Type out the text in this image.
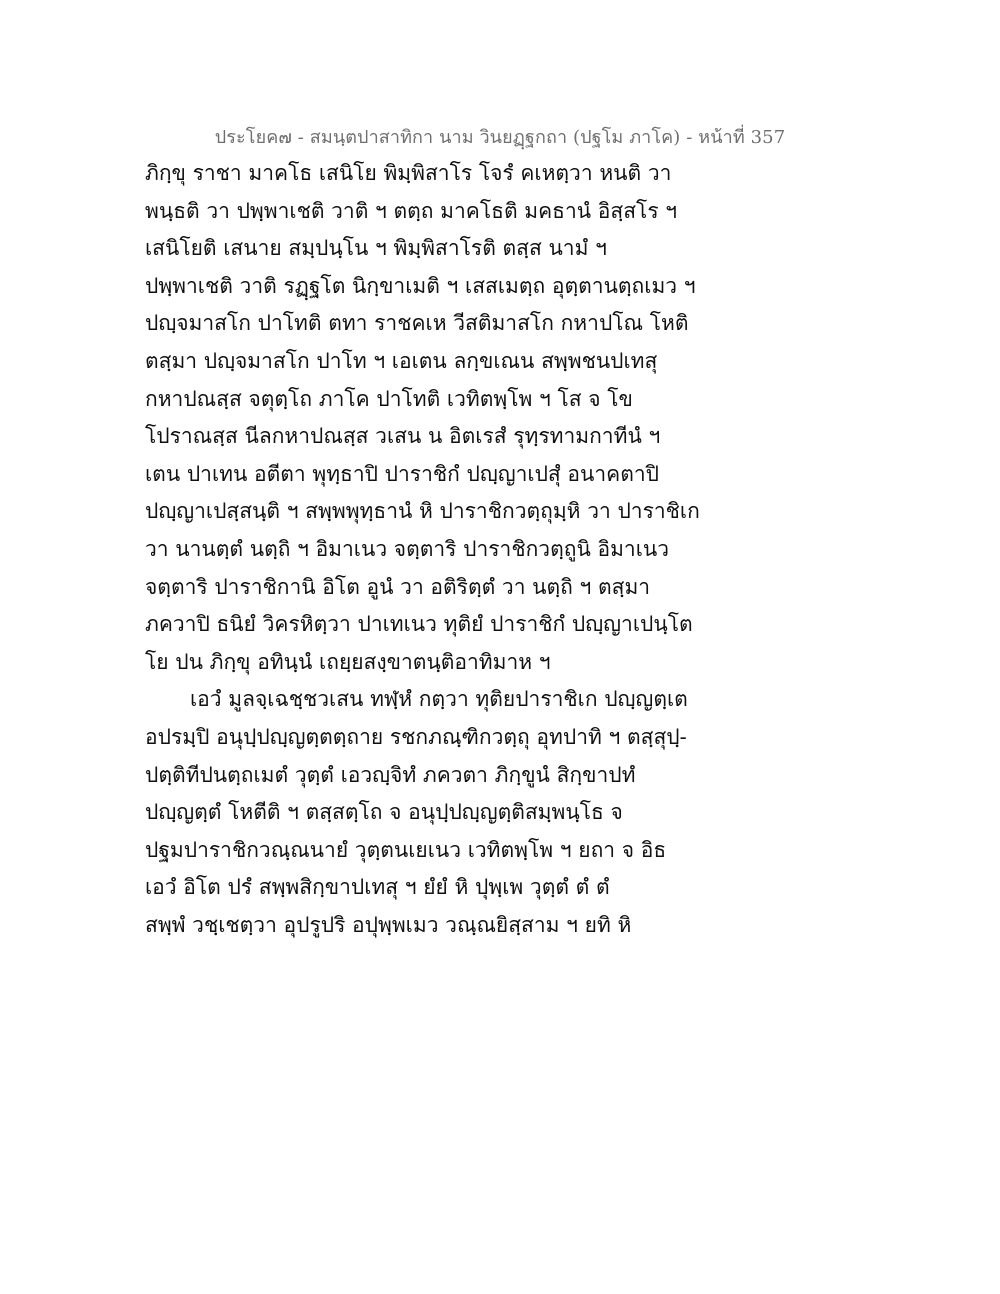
ประโยค๗ - สมนฺตปาสาทิกา นาม วินยฏฺฐกถา (ปฐโม ภาโค) - หน้าที่ 357
ภิกฺขุ ราชา มาคโธ เสนิโย พิมฺพิสาโร โจรํ คเหตฺวา หนติ วา
พนฺธติ วา ปพฺพาเชติ วาติ ฯ ตตฺถ มาคโธติ มคธานํ อิสฺสโร ฯ
เสนิโยติ เสนาย สมฺปนฺโน ฯ พิมฺพิสาโรติ ตสฺส นามํ ฯ
ปพฺพาเชติ วาติ รฏฺฐโต นิกฺขาเมติ ฯ เสสเมตฺถ อุตฺตานตฺถเมว ฯ
ปญฺจมาสโก ปาโทติ ตทา ราชคเห วีสติมาสโก กหาปโณ โหติ
ตสฺมา ปญฺจมาสโก ปาโท ฯ เอเตน ลกฺขเณน สพฺพชนปเทสุ
กหาปณสฺส จตุตฺโถ ภาโค ปาโทติ เวทิตพฺโพ ฯ โส จ โข
โปราณสฺส นีลกหาปณสฺส วเสน น อิตเรสํ รุทฺรทามกาทีนํ ฯ
เตน ปาเทน อตีตา พุทฺธาปิ ปาราชิกํ ปญฺญาเปสุํ อนาคตาปิ
ปญฺญาเปสฺสนฺติ ฯ สพฺพพุทฺธานํ หิ ปาราชิกวตฺถุมฺหิ วา ปาราชิเก
วา นานตฺตํ นตฺถิ ฯ อิมาเนว จตฺตาริ ปาราชิกวตฺถูนิ อิมาเนว
จตฺตาริ ปาราชิกานิ อิโต อูนํ วา อติริตฺตํ วา นตฺถิ ฯ ตสฺมา
ภควาปิ ธนิยํ วิครหิตฺวา ปาเทเนว ทุติยํ ปาราชิกํ ปญฺญาเปนฺโต
โย ปน ภิกฺขุ อทินฺนํ เถยฺยสงฺขาตนฺติอาทิมาห ฯ
เอวํ มูลจฺเฉชฺชวเสน ทฬฺหํ กตฺวา ทุติยปาราชิเก ปญฺญตฺเต
อปรมฺปิ อนุปฺปญฺญตฺตตฺถาย รชกภณฺฑิกวตฺถุ อุทปาทิ ฯ ตสฺสุปฺ-
ปตฺติทีปนตฺถเมตํ วุตฺตํ เอวญฺจิทํ ภควตา ภิกฺขูนํ สิกฺขาปทํ
ปญฺญตฺตํ โหตีติ ฯ ตสฺสตฺโถ จ อนุปฺปญฺญตฺติสมฺพนฺโธ จ
ปฐมปาราชิกวณฺณนายํ วุตฺตนเยเนว เวทิตพฺโพ ฯ ยถา จ อิธ
เอวํ อิโต ปรํ สพฺพสิกฺขาปเทสุ ฯ ยํยํ หิ ปุพฺเพ วุตฺตํ ตํ ตํ
สพฺพํ วชฺเชตฺวา อุปรูปริ อปุพฺพเมว วณฺณยิสฺสาม ฯ ยทิ หิ
